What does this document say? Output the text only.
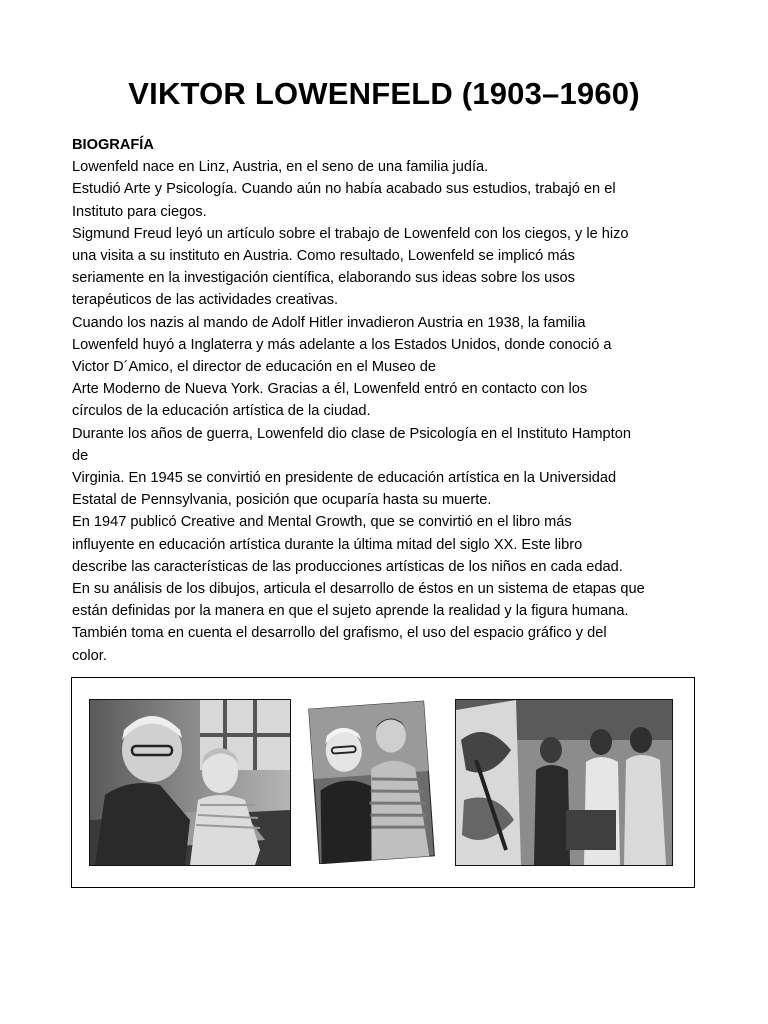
VIKTOR LOWENFELD (1903–1960)
BIOGRAFÍA
Lowenfeld nace en Linz, Austria, en el seno de una familia judía.
Estudió Arte y Psicología. Cuando aún no había acabado sus estudios, trabajó en el
Instituto para ciegos.
Sigmund Freud leyó un artículo sobre el trabajo de Lowenfeld con los ciegos, y le hizo
una visita a su instituto en Austria. Como resultado, Lowenfeld se implicó más
seriamente en la investigación científica, elaborando sus ideas sobre los usos
terapéuticos de las actividades creativas.
Cuando los nazis al mando de Adolf Hitler invadieron Austria en 1938, la familia
Lowenfeld huyó a Inglaterra y más adelante a los Estados Unidos, donde conoció a
Victor D´Amico, el director de educación en el Museo de
Arte Moderno de Nueva York. Gracias a él, Lowenfeld entró en contacto con los
círculos de la educación artística de la ciudad.
Durante los años de guerra, Lowenfeld dio clase de Psicología en el Instituto Hampton
de
Virginia. En 1945 se convirtió en presidente de educación artística en la Universidad
Estatal de Pennsylvania, posición que ocuparía hasta su muerte.
En 1947 publicó Creative and Mental Growth, que se convirtió en el libro más
influyente en educación artística durante la última mitad del siglo XX. Este libro
describe las características de las producciones artísticas de los niños en cada edad.
En su análisis de los dibujos, articula el desarrollo de éstos en un sistema de etapas que
están definidas por la manera en que el sujeto aprende la realidad y la figura humana.
También toma en cuenta el desarrollo del grafismo, el uso del espacio gráfico y del
color.
